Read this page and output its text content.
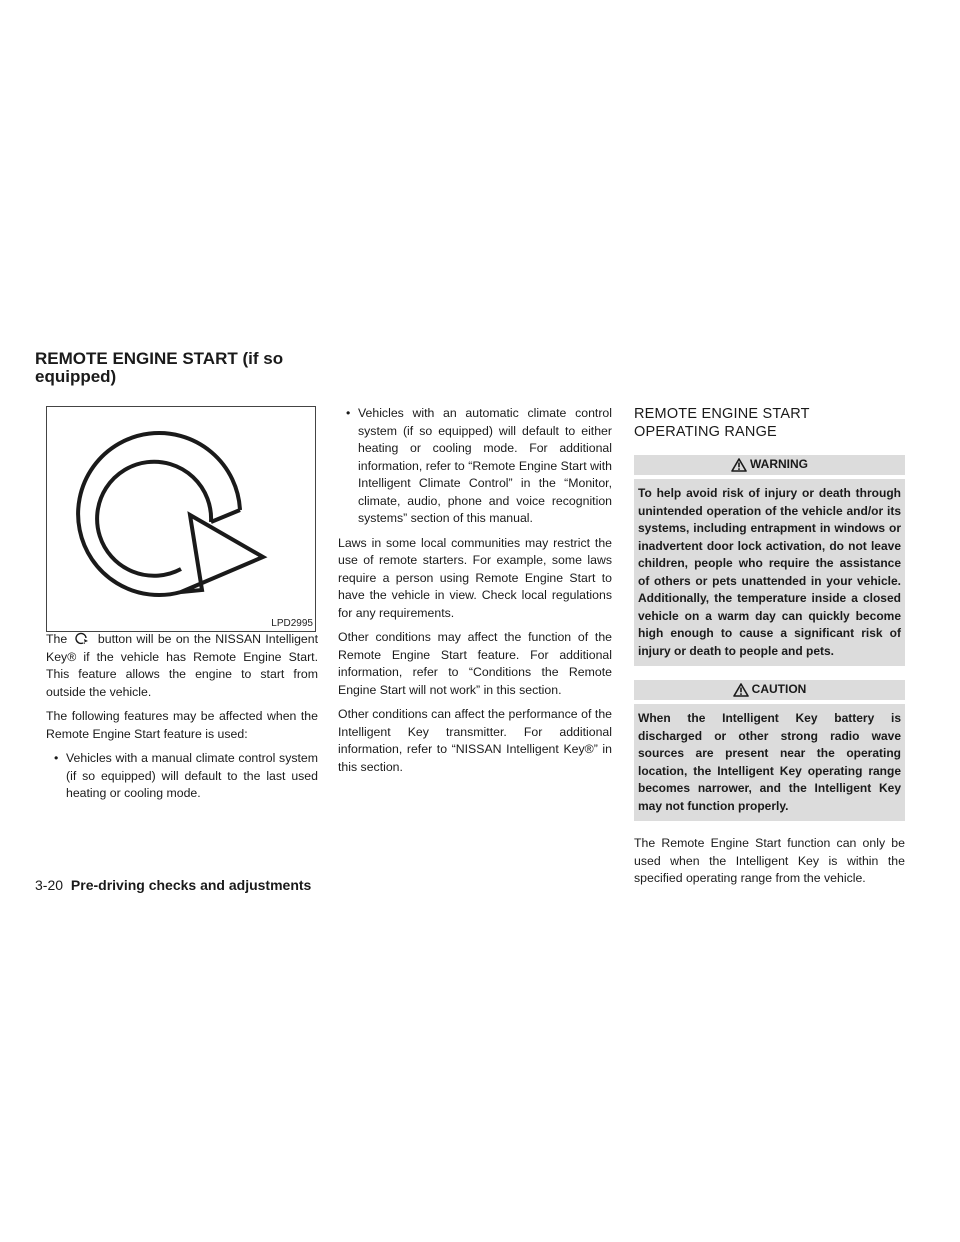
REMOTE ENGINE START (if so equipped)
LPD2995

The button will be on the NISSAN Intelligent Key® if the vehicle has Remote Engine Start. This feature allows the engine to start from outside the vehicle.

The following features may be affected when the Remote Engine Start feature is used:

• Vehicles with a manual climate control system (if so equipped) will default to the last used heating or cooling mode.
• Vehicles with an automatic climate control system (if so equipped) will default to either heating or cooling mode. For additional information, refer to “Remote Engine Start with Intelligent Climate Control” in the “Monitor, climate, audio, phone and voice recognition systems” section of this manual.

Laws in some local communities may restrict the use of remote starters. For example, some laws require a person using Remote Engine Start to have the vehicle in view. Check local regulations for any requirements.

Other conditions may affect the function of the Remote Engine Start feature. For additional information, refer to “Conditions the Remote Engine Start will not work” in this section.

Other conditions can affect the performance of the Intelligent Key transmitter. For additional information, refer to “NISSAN Intelligent Key®” in this section.

REMOTE ENGINE START
OPERATING RANGE
WARNING
To help avoid risk of injury or death through unintended operation of the vehicle and/or its systems, including entrapment in windows or inadvertent door lock activation, do not leave children, people who require the assistance of others or pets unattended in your vehicle. Additionally, the temperature inside a closed vehicle on a warm day can quickly become high enough to cause a significant risk of injury or death to people and pets.
CAUTION
When the Intelligent Key battery is discharged or other strong radio wave sources are present near the operating location, the Intelligent Key operating range becomes narrower, and the Intelligent Key may not function properly.

The Remote Engine Start function can only be used when the Intelligent Key is within the specified operating range from the vehicle.

3-20 Pre-driving checks and adjustments
